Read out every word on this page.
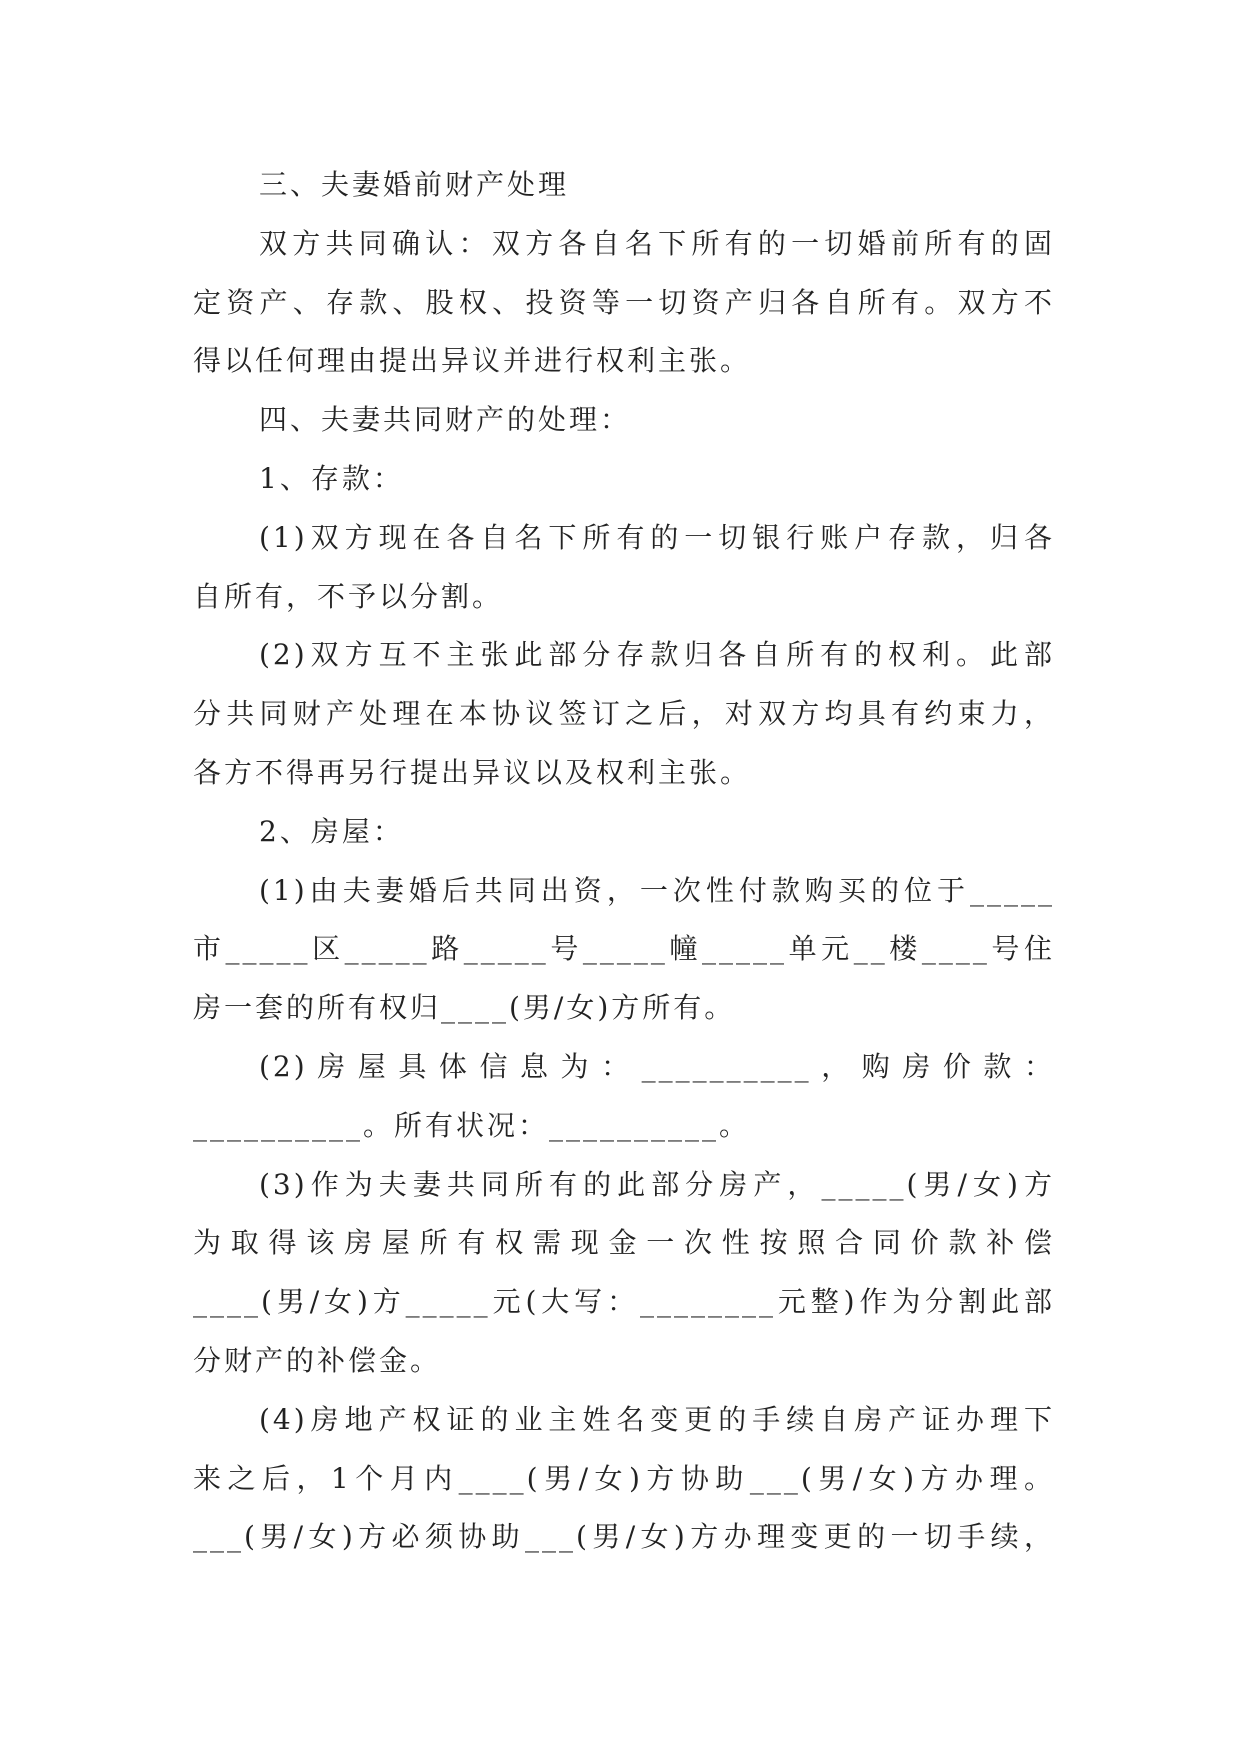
三、夫妻婚前财产处理
双方共同确认：双方各自名下所有的一切婚前所有的固
定资产、存款、股权、投资等一切资产归各自所有。双方不
得以任何理由提出异议并进行权利主张。
四、夫妻共同财产的处理：
1、存款：
(1)双方现在各自名下所有的一切银行账户存款，归各
自所有，不予以分割。
(2)双方互不主张此部分存款归各自所有的权利。此部
分共同财产处理在本协议签订之后，对双方均具有约束力，
各方不得再另行提出异议以及权利主张。
2、房屋：
(1)由夫妻婚后共同出资，一次性付款购买的位于_____
市_____区_____路_____号_____幢_____单元__楼____号住
房一套的所有权归____(男/女)方所有。
(2)房屋具体信息为：__________，购房价款：
__________。所有状况：__________。
(3)作为夫妻共同所有的此部分房产，_____(男/女)方
为取得该房屋所有权需现金一次性按照合同价款补偿
____(男/女)方_____元(大写：________元整)作为分割此部
分财产的补偿金。
(4)房地产权证的业主姓名变更的手续自房产证办理下
来之后，1个月内____(男/女)方协助___(男/女)方办理。
___(男/女)方必须协助___(男/女)方办理变更的一切手续，
